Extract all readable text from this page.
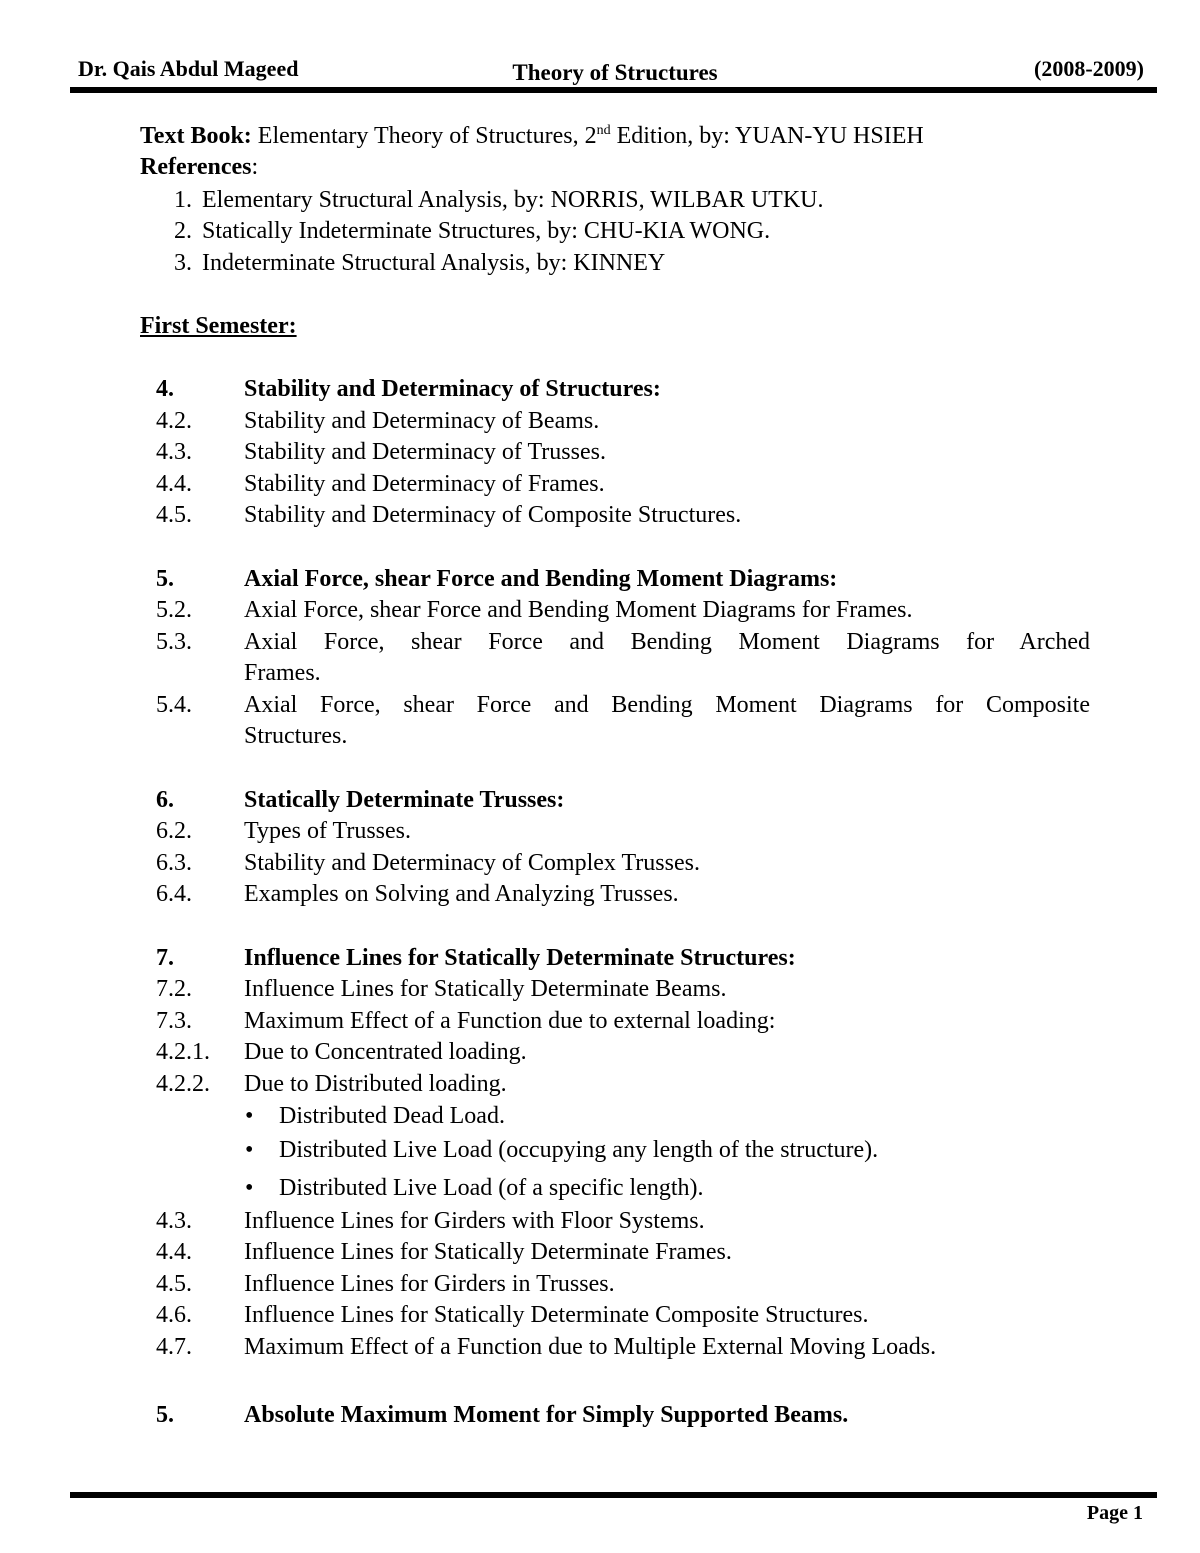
Dr. Qais Abdul Mageed	Theory of Structures	(2008-2009)
Text Book: Elementary Theory of Structures, 2nd Edition, by: YUAN-YU HSIEH
References:
1. Elementary Structural Analysis, by: NORRIS, WILBAR UTKU.
2. Statically Indeterminate Structures, by: CHU-KIA WONG.
3. Indeterminate Structural Analysis, by: KINNEY
First Semester:
4.	Stability and Determinacy of Structures:
4.2. Stability and Determinacy of Beams.
4.3. Stability and Determinacy of Trusses.
4.4. Stability and Determinacy of Frames.
4.5. Stability and Determinacy of Composite Structures.
5.	Axial Force, shear Force and Bending Moment Diagrams:
5.2. Axial Force, shear Force and Bending Moment Diagrams for Frames.
5.3. Axial Force, shear Force and Bending Moment Diagrams for Arched
Frames.
5.4. Axial Force, shear Force and Bending Moment Diagrams for Composite
Structures.
6.	Statically Determinate Trusses:
6.2. Types of Trusses.
6.3. Stability and Determinacy of Complex Trusses.
6.4. Examples on Solving and Analyzing Trusses.
7.	Influence Lines for Statically Determinate Structures:
7.2. Influence Lines for Statically Determinate Beams.
7.3. Maximum Effect of a Function due to external loading:
4.2.1. Due to Concentrated loading.
4.2.2. Due to Distributed loading.
• Distributed Dead Load.
• Distributed Live Load (occupying any length of the structure).
• Distributed Live Load (of a specific length).
4.3. Influence Lines for Girders with Floor Systems.
4.4. Influence Lines for Statically Determinate Frames.
4.5. Influence Lines for Girders in Trusses.
4.6. Influence Lines for Statically Determinate Composite Structures.
4.7. Maximum Effect of a Function due to Multiple External Moving Loads.
5.	Absolute Maximum Moment for Simply Supported Beams.
Page 1
